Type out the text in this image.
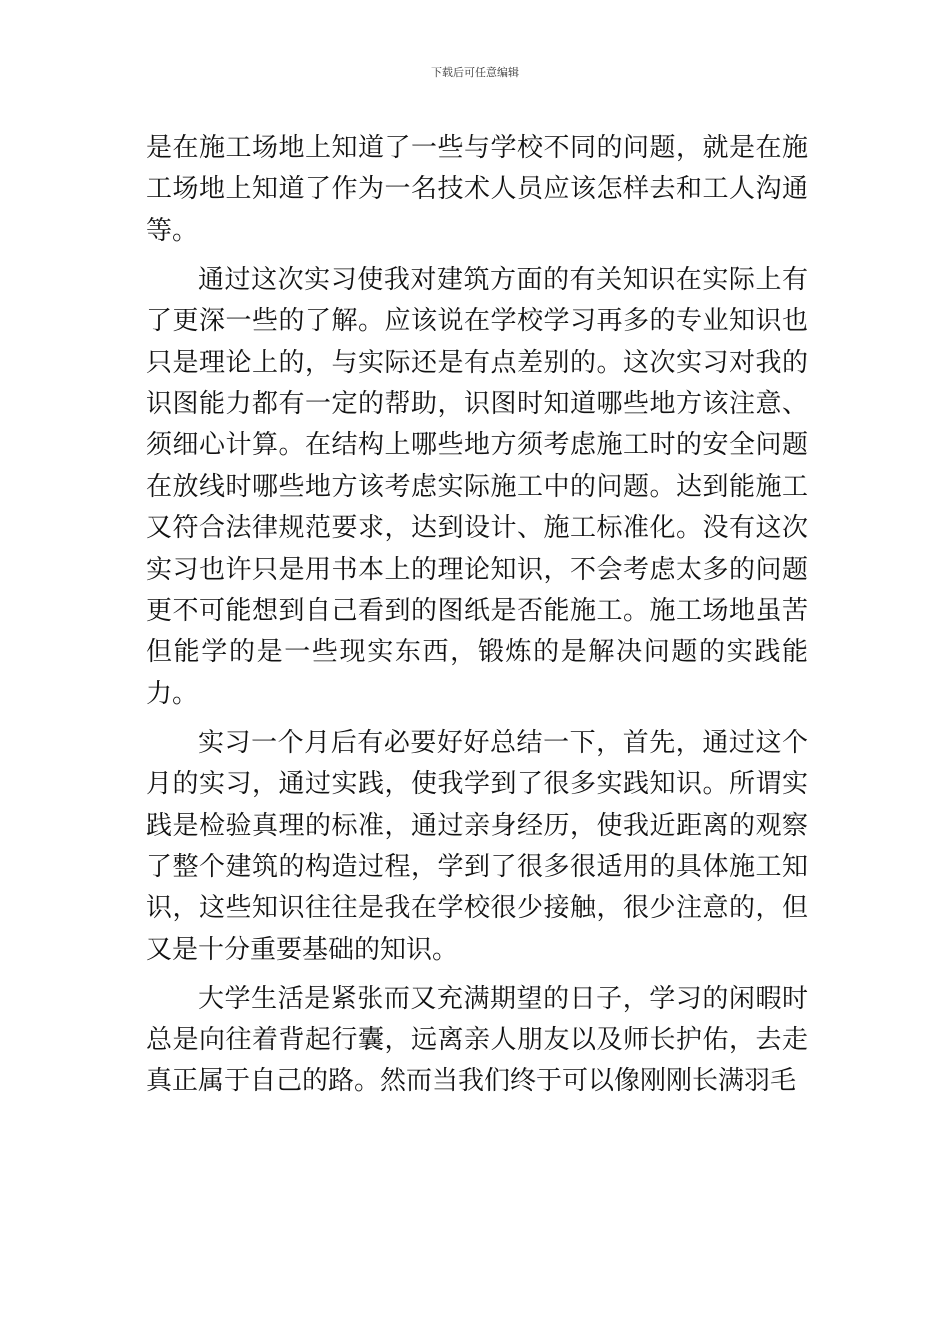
下载后可任意编辑

是在施工场地上知道了一些与学校不同的问题，就是在施工场地上知道了作为一名技术人员应该怎样去和工人沟通等。

通过这次实习使我对建筑方面的有关知识在实际上有了更深一些的了解。应该说在学校学习再多的专业知识也只是理论上的，与实际还是有点差别的。这次实习对我的识图能力都有一定的帮助，识图时知道哪些地方该注意、须细心计算。在结构上哪些地方须考虑施工时的安全问题在放线时哪些地方该考虑实际施工中的问题。达到能施工又符合法律规范要求，达到设计、施工标准化。没有这次实习也许只是用书本上的理论知识，不会考虑太多的问题更不可能想到自己看到的图纸是否能施工。施工场地虽苦但能学的是一些现实东西，锻炼的是解决问题的实践能力。

实习一个月后有必要好好总结一下，首先，通过这个月的实习，通过实践，使我学到了很多实践知识。所谓实践是检验真理的标准，通过亲身经历，使我近距离的观察了整个建筑的构造过程，学到了很多很适用的具体施工知识，这些知识往往是我在学校很少接触，很少注意的，但又是十分重要基础的知识。

大学生活是紧张而又充满期望的日子，学习的闲暇时总是向往着背起行囊，远离亲人朋友以及师长护佑，去走真正属于自己的路。然而当我们终于可以像刚刚长满羽毛
